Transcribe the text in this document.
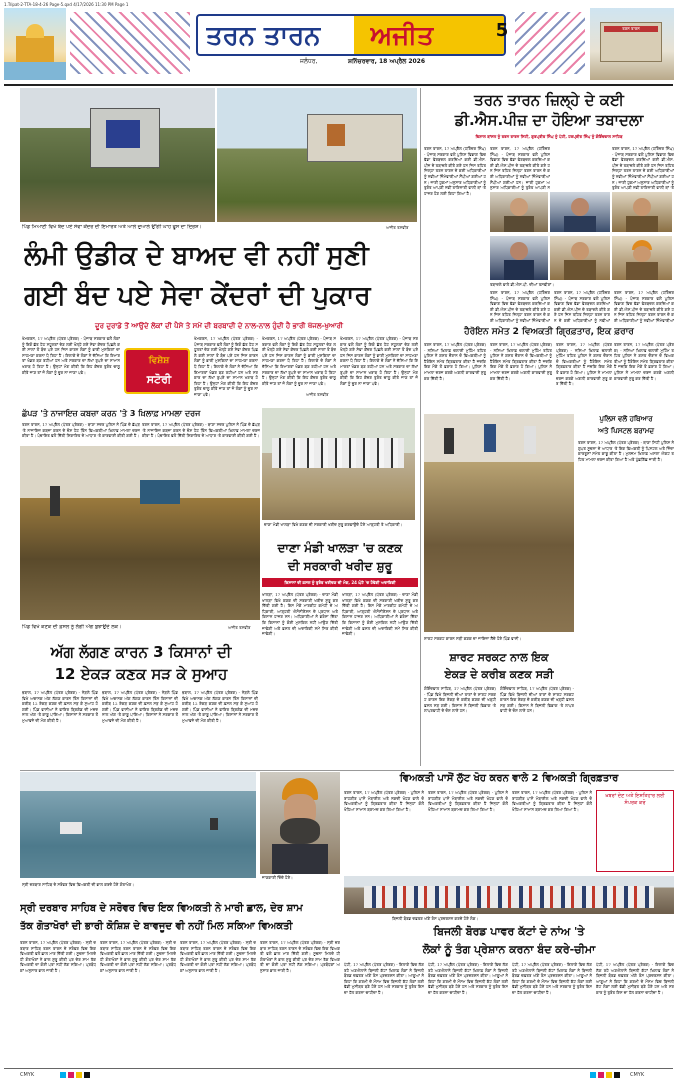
1.Tripat-2-TTA-18-4-26 Page-5.qxd 4/17/2026 11:30 PM Page 1
ਤਰਨ ਤਾਰਨ ਅਜੀਤ
ਜਲੰਧਰ,	ਸ਼ਨਿੱਚਰਵਾਰ, 18 ਅਪ੍ਰੈਲ 2026
5	ਤਰਨ ਤਾਰਨ
ਪਿੰਡ ਮਿਆਣੀ ਵਿਖੇ ਬੰਦ ਪਏ ਸੇਵਾ ਕੇਂਦਰ ਦੀ ਇਮਾਰਤ ਅਤੇ ਆਲੇ ਦੁਆਲੇ ਉੱਗੀ ਘਾਹ ਫੂਸ ਦਾ ਦ੍ਰਿਸ਼।	ਅਜੀਤ ਤਸਵੀਰ
ਲੰਮੀ ਉਡੀਕ ਦੇ ਬਾਅਦ ਵੀ ਨਹੀਂ ਸੁਣੀ
ਗਈ ਬੰਦ ਪਏ ਸੇਵਾ ਕੇਂਦਰਾਂ ਦੀ ਪੁਕਾਰ
ਦੂਰ ਦੁਰਾਡੇ ਤੋਂ ਆਉਂਦੇ ਲੋਕਾਂ ਦੀ ਪੈਸੇ ਤੇ ਸਮੇਂ ਦੀ ਬਰਬਾਦੀ ਦੇ ਨਾਲ-ਨਾਲ ਹੁੰਦੀ ਹੈ ਭਾਰੀ ਖੱਜਲ-ਖੁਆਰੀ
ਖੇਮਕਰਨ, 17 ਅਪ੍ਰੈਲ (ਪੱਤਰ ਪ੍ਰੇਰਕ) - ਪੰਜਾਬ ਸਰਕਾਰ ਵਲੋਂ ਲੋਕਾਂ ਨੂੰ ਇਕੋ ਛੱਤ ਹੇਠ ਸਹੂਲਤਾਂ ਦੇਣ ਲਈ ਖੋਲ੍ਹੇ ਗਏ ਸੇਵਾ ਕੇਂਦਰ ਪਿਛਲੇ ਕਈ ਸਾਲਾਂ ਤੋਂ ਬੰਦ ਪਏ ਹਨ ਜਿਸ ਕਾਰਨ ਲੋਕਾਂ ਨੂੰ ਭਾਰੀ ਮੁਸ਼ਕਿਲਾਂ ਦਾ ਸਾਹਮਣਾ ਕਰਨਾ ਪੈ ਰਿਹਾ ਹੈ। ਇਲਾਕੇ ਦੇ ਲੋਕਾਂ ਨੇ ਦੱਸਿਆ ਕਿ ਇਮਾਰਤਾਂ ਖੰਡਰ ਬਣ ਰਹੀਆਂ ਹਨ ਅਤੇ ਸਰਕਾਰ ਦਾ ਲੱਖਾਂ ਰੁਪਏ ਦਾ ਸਾਮਾਨ ਖਰਾਬ ਹੋ ਰਿਹਾ ਹੈ। ਉਨ੍ਹਾਂ ਮੰਗ ਕੀਤੀ ਕਿ ਇਹ ਕੇਂਦਰ ਤੁਰੰਤ ਚਾਲੂ ਕੀਤੇ ਜਾਣ ਤਾਂ ਜੋ ਲੋਕਾਂ ਨੂੰ ਦੂਰ ਨਾ ਜਾਣਾ ਪਵੇ।
ਵਿਸ਼ੇਸ਼
ਸਟੋਰੀ
ਖੇਮਕਰਨ, 17 ਅਪ੍ਰੈਲ (ਪੱਤਰ ਪ੍ਰੇਰਕ) - ਪੰਜਾਬ ਸਰਕਾਰ ਵਲੋਂ ਲੋਕਾਂ ਨੂੰ ਇਕੋ ਛੱਤ ਹੇਠ ਸਹੂਲਤਾਂ ਦੇਣ ਲਈ ਖੋਲ੍ਹੇ ਗਏ ਸੇਵਾ ਕੇਂਦਰ ਪਿਛਲੇ ਕਈ ਸਾਲਾਂ ਤੋਂ ਬੰਦ ਪਏ ਹਨ ਜਿਸ ਕਾਰਨ ਲੋਕਾਂ ਨੂੰ ਭਾਰੀ ਮੁਸ਼ਕਿਲਾਂ ਦਾ ਸਾਹਮਣਾ ਕਰਨਾ ਪੈ ਰਿਹਾ ਹੈ। ਇਲਾਕੇ ਦੇ ਲੋਕਾਂ ਨੇ ਦੱਸਿਆ ਕਿ ਇਮਾਰਤਾਂ ਖੰਡਰ ਬਣ ਰਹੀਆਂ ਹਨ ਅਤੇ ਸਰਕਾਰ ਦਾ ਲੱਖਾਂ ਰੁਪਏ ਦਾ ਸਾਮਾਨ ਖਰਾਬ ਹੋ ਰਿਹਾ ਹੈ। ਉਨ੍ਹਾਂ ਮੰਗ ਕੀਤੀ ਕਿ ਇਹ ਕੇਂਦਰ ਤੁਰੰਤ ਚਾਲੂ ਕੀਤੇ ਜਾਣ ਤਾਂ ਜੋ ਲੋਕਾਂ ਨੂੰ ਦੂਰ ਨਾ ਜਾਣਾ ਪਵੇ।
ਖੇਮਕਰਨ, 17 ਅਪ੍ਰੈਲ (ਪੱਤਰ ਪ੍ਰੇਰਕ) - ਪੰਜਾਬ ਸਰਕਾਰ ਵਲੋਂ ਲੋਕਾਂ ਨੂੰ ਇਕੋ ਛੱਤ ਹੇਠ ਸਹੂਲਤਾਂ ਦੇਣ ਲਈ ਖੋਲ੍ਹੇ ਗਏ ਸੇਵਾ ਕੇਂਦਰ ਪਿਛਲੇ ਕਈ ਸਾਲਾਂ ਤੋਂ ਬੰਦ ਪਏ ਹਨ ਜਿਸ ਕਾਰਨ ਲੋਕਾਂ ਨੂੰ ਭਾਰੀ ਮੁਸ਼ਕਿਲਾਂ ਦਾ ਸਾਹਮਣਾ ਕਰਨਾ ਪੈ ਰਿਹਾ ਹੈ। ਇਲਾਕੇ ਦੇ ਲੋਕਾਂ ਨੇ ਦੱਸਿਆ ਕਿ ਇਮਾਰਤਾਂ ਖੰਡਰ ਬਣ ਰਹੀਆਂ ਹਨ ਅਤੇ ਸਰਕਾਰ ਦਾ ਲੱਖਾਂ ਰੁਪਏ ਦਾ ਸਾਮਾਨ ਖਰਾਬ ਹੋ ਰਿਹਾ ਹੈ। ਉਨ੍ਹਾਂ ਮੰਗ ਕੀਤੀ ਕਿ ਇਹ ਕੇਂਦਰ ਤੁਰੰਤ ਚਾਲੂ ਕੀਤੇ ਜਾਣ ਤਾਂ ਜੋ ਲੋਕਾਂ ਨੂੰ ਦੂਰ ਨਾ ਜਾਣਾ ਪਵੇ।
ਖੇਮਕਰਨ, 17 ਅਪ੍ਰੈਲ (ਪੱਤਰ ਪ੍ਰੇਰਕ) - ਪੰਜਾਬ ਸਰਕਾਰ ਵਲੋਂ ਲੋਕਾਂ ਨੂੰ ਇਕੋ ਛੱਤ ਹੇਠ ਸਹੂਲਤਾਂ ਦੇਣ ਲਈ ਖੋਲ੍ਹੇ ਗਏ ਸੇਵਾ ਕੇਂਦਰ ਪਿਛਲੇ ਕਈ ਸਾਲਾਂ ਤੋਂ ਬੰਦ ਪਏ ਹਨ ਜਿਸ ਕਾਰਨ ਲੋਕਾਂ ਨੂੰ ਭਾਰੀ ਮੁਸ਼ਕਿਲਾਂ ਦਾ ਸਾਹਮਣਾ ਕਰਨਾ ਪੈ ਰਿਹਾ ਹੈ। ਇਲਾਕੇ ਦੇ ਲੋਕਾਂ ਨੇ ਦੱਸਿਆ ਕਿ ਇਮਾਰਤਾਂ ਖੰਡਰ ਬਣ ਰਹੀਆਂ ਹਨ ਅਤੇ ਸਰਕਾਰ ਦਾ ਲੱਖਾਂ ਰੁਪਏ ਦਾ ਸਾਮਾਨ ਖਰਾਬ ਹੋ ਰਿਹਾ ਹੈ। ਉਨ੍ਹਾਂ ਮੰਗ ਕੀਤੀ ਕਿ ਇਹ ਕੇਂਦਰ ਤੁਰੰਤ ਚਾਲੂ ਕੀਤੇ ਜਾਣ ਤਾਂ ਜੋ ਲੋਕਾਂ ਨੂੰ ਦੂਰ ਨਾ ਜਾਣਾ ਪਵੇ।
ਅਜੀਤ ਤਸਵੀਰ
ਛੱਪੜ 'ਤੇ ਨਾਜਾਇਜ਼ ਕਬਜ਼ਾ ਕਰਨ 'ਤੇ 3 ਖ਼ਿਲਾਫ਼ ਮਾਮਲਾ ਦਰਜ
ਤਰਨ ਤਾਰਨ, 17 ਅਪ੍ਰੈਲ (ਪੱਤਰ ਪ੍ਰੇਰਕ) - ਥਾਣਾ ਸਦਰ ਪੁਲਿਸ ਨੇ ਪਿੰਡ ਦੇ ਛੱਪੜ 'ਤੇ ਨਾਜਾਇਜ਼ ਕਬਜ਼ਾ ਕਰਨ ਦੇ ਦੋਸ਼ ਹੇਠ ਤਿੰਨ ਵਿਅਕਤੀਆਂ ਖ਼ਿਲਾਫ਼ ਮਾਮਲਾ ਦਰਜ ਕੀਤਾ ਹੈ। ਪੰਚਾਇਤ ਵਲੋਂ ਦਿੱਤੀ ਸ਼ਿਕਾਇਤ ਦੇ ਆਧਾਰ 'ਤੇ ਕਾਰਵਾਈ ਕੀਤੀ ਗਈ ਹੈ।
ਤਰਨ ਤਾਰਨ, 17 ਅਪ੍ਰੈਲ (ਪੱਤਰ ਪ੍ਰੇਰਕ) - ਥਾਣਾ ਸਦਰ ਪੁਲਿਸ ਨੇ ਪਿੰਡ ਦੇ ਛੱਪੜ 'ਤੇ ਨਾਜਾਇਜ਼ ਕਬਜ਼ਾ ਕਰਨ ਦੇ ਦੋਸ਼ ਹੇਠ ਤਿੰਨ ਵਿਅਕਤੀਆਂ ਖ਼ਿਲਾਫ਼ ਮਾਮਲਾ ਦਰਜ ਕੀਤਾ ਹੈ। ਪੰਚਾਇਤ ਵਲੋਂ ਦਿੱਤੀ ਸ਼ਿਕਾਇਤ ਦੇ ਆਧਾਰ 'ਤੇ ਕਾਰਵਾਈ ਕੀਤੀ ਗਈ ਹੈ।
ਦਾਣਾ ਮੰਡੀ ਖਾਲੜਾ ਵਿਖੇ ਕਣਕ ਦੀ ਸਰਕਾਰੀ ਖਰੀਦ ਸ਼ੁਰੂ ਕਰਵਾਉਂਦੇ ਹੋਏ ਆੜ੍ਹਤੀ ਤੇ ਅਧਿਕਾਰੀ।
ਪਿੰਡ ਵਿਖੇ ਕਣਕ ਦੀ ਫ਼ਸਲ ਨੂੰ ਲੱਗੀ ਅੱਗ ਬੁਝਾਉਂਦੇ ਲੋਕ।	ਅਜੀਤ ਤਸਵੀਰ
ਦਾਣਾ ਮੰਡੀ ਖਾਲੜਾ 'ਚ ਕਣਕ
ਦੀ ਸਰਕਾਰੀ ਖਰੀਦ ਸ਼ੁਰੂ
ਕਿਸਾਨਾਂ ਦੀ ਫ਼ਸਲ ਨੂੰ ਤੁਰੰਤ ਖਰੀਦਣ ਦੀ ਮੰਗ, 24 ਘੰਟੇ 'ਚ ਹੋਵੇਗੀ ਅਦਾਇਗੀ
ਖਾਲੜਾ, 17 ਅਪ੍ਰੈਲ (ਪੱਤਰ ਪ੍ਰੇਰਕ) - ਦਾਣਾ ਮੰਡੀ ਖਾਲੜਾ ਵਿਖੇ ਕਣਕ ਦੀ ਸਰਕਾਰੀ ਖਰੀਦ ਸ਼ੁਰੂ ਕਰ ਦਿੱਤੀ ਗਈ ਹੈ। ਇਸ ਮੌਕੇ ਮਾਰਕੀਟ ਕਮੇਟੀ ਦੇ ਅਧਿਕਾਰੀ, ਆੜ੍ਹਤੀ ਐਸੋਸੀਏਸ਼ਨ ਦੇ ਪ੍ਰਧਾਨ ਅਤੇ ਕਿਸਾਨ ਹਾਜ਼ਰ ਸਨ। ਅਧਿਕਾਰੀਆਂ ਨੇ ਭਰੋਸਾ ਦਿੱਤਾ ਕਿ ਕਿਸਾਨਾਂ ਨੂੰ ਕੋਈ ਮੁਸ਼ਕਿਲ ਨਹੀਂ ਆਉਣ ਦਿੱਤੀ ਜਾਵੇਗੀ ਅਤੇ ਫ਼ਸਲ ਦੀ ਅਦਾਇਗੀ ਸਮੇਂ ਸਿਰ ਕੀਤੀ ਜਾਵੇਗੀ।
ਖਾਲੜਾ, 17 ਅਪ੍ਰੈਲ (ਪੱਤਰ ਪ੍ਰੇਰਕ) - ਦਾਣਾ ਮੰਡੀ ਖਾਲੜਾ ਵਿਖੇ ਕਣਕ ਦੀ ਸਰਕਾਰੀ ਖਰੀਦ ਸ਼ੁਰੂ ਕਰ ਦਿੱਤੀ ਗਈ ਹੈ। ਇਸ ਮੌਕੇ ਮਾਰਕੀਟ ਕਮੇਟੀ ਦੇ ਅਧਿਕਾਰੀ, ਆੜ੍ਹਤੀ ਐਸੋਸੀਏਸ਼ਨ ਦੇ ਪ੍ਰਧਾਨ ਅਤੇ ਕਿਸਾਨ ਹਾਜ਼ਰ ਸਨ। ਅਧਿਕਾਰੀਆਂ ਨੇ ਭਰੋਸਾ ਦਿੱਤਾ ਕਿ ਕਿਸਾਨਾਂ ਨੂੰ ਕੋਈ ਮੁਸ਼ਕਿਲ ਨਹੀਂ ਆਉਣ ਦਿੱਤੀ ਜਾਵੇਗੀ ਅਤੇ ਫ਼ਸਲ ਦੀ ਅਦਾਇਗੀ ਸਮੇਂ ਸਿਰ ਕੀਤੀ ਜਾਵੇਗੀ।
ਅੱਗ ਲੱਗਣ ਕਾਰਨ 3 ਕਿਸਾਨਾਂ ਦੀ
12 ਏਕੜ ਕਣਕ ਸੜ ਕੇ ਸੁਆਹ
ਝਬਾਲ, 17 ਅਪ੍ਰੈਲ (ਪੱਤਰ ਪ੍ਰੇਰਕ) - ਨੇੜਲੇ ਪਿੰਡ ਵਿਖੇ ਅਚਾਨਕ ਅੱਗ ਲੱਗਣ ਕਾਰਨ ਤਿੰਨ ਕਿਸਾਨਾਂ ਦੀ ਕਰੀਬ 12 ਏਕੜ ਕਣਕ ਦੀ ਫ਼ਸਲ ਸੜ ਕੇ ਸੁਆਹ ਹੋ ਗਈ। ਪਿੰਡ ਵਾਸੀਆਂ ਨੇ ਫਾਇਰ ਬ੍ਰਿਗੇਡ ਦੀ ਮਦਦ ਨਾਲ ਅੱਗ 'ਤੇ ਕਾਬੂ ਪਾਇਆ। ਕਿਸਾਨਾਂ ਨੇ ਸਰਕਾਰ ਤੋਂ ਮੁਆਵਜ਼ੇ ਦੀ ਮੰਗ ਕੀਤੀ ਹੈ।
ਝਬਾਲ, 17 ਅਪ੍ਰੈਲ (ਪੱਤਰ ਪ੍ਰੇਰਕ) - ਨੇੜਲੇ ਪਿੰਡ ਵਿਖੇ ਅਚਾਨਕ ਅੱਗ ਲੱਗਣ ਕਾਰਨ ਤਿੰਨ ਕਿਸਾਨਾਂ ਦੀ ਕਰੀਬ 12 ਏਕੜ ਕਣਕ ਦੀ ਫ਼ਸਲ ਸੜ ਕੇ ਸੁਆਹ ਹੋ ਗਈ। ਪਿੰਡ ਵਾਸੀਆਂ ਨੇ ਫਾਇਰ ਬ੍ਰਿਗੇਡ ਦੀ ਮਦਦ ਨਾਲ ਅੱਗ 'ਤੇ ਕਾਬੂ ਪਾਇਆ। ਕਿਸਾਨਾਂ ਨੇ ਸਰਕਾਰ ਤੋਂ ਮੁਆਵਜ਼ੇ ਦੀ ਮੰਗ ਕੀਤੀ ਹੈ।
ਝਬਾਲ, 17 ਅਪ੍ਰੈਲ (ਪੱਤਰ ਪ੍ਰੇਰਕ) - ਨੇੜਲੇ ਪਿੰਡ ਵਿਖੇ ਅਚਾਨਕ ਅੱਗ ਲੱਗਣ ਕਾਰਨ ਤਿੰਨ ਕਿਸਾਨਾਂ ਦੀ ਕਰੀਬ 12 ਏਕੜ ਕਣਕ ਦੀ ਫ਼ਸਲ ਸੜ ਕੇ ਸੁਆਹ ਹੋ ਗਈ। ਪਿੰਡ ਵਾਸੀਆਂ ਨੇ ਫਾਇਰ ਬ੍ਰਿਗੇਡ ਦੀ ਮਦਦ ਨਾਲ ਅੱਗ 'ਤੇ ਕਾਬੂ ਪਾਇਆ। ਕਿਸਾਨਾਂ ਨੇ ਸਰਕਾਰ ਤੋਂ ਮੁਆਵਜ਼ੇ ਦੀ ਮੰਗ ਕੀਤੀ ਹੈ।
ਤਰਨ ਤਾਰਨ ਜ਼ਿਲ੍ਹੇ ਦੇ ਕਈ
ਡੀ.ਐਸ.ਪੀਜ਼ ਦਾ ਹੋਇਆ ਤਬਾਦਲਾ
ਵਿਸ਼ਾਲ ਬਾਂਸਲ ਨੂੰ ਤਰਨ ਤਾਰਨ ਸਿਟੀ, ਗੁਰਪ੍ਰੀਤ ਸਿੰਘ ਨੂੰ ਪੱਟੀ, ਹਰਪ੍ਰੀਤ ਸਿੰਘ ਨੂੰ ਗੋਇੰਦਵਾਲ ਸਾਹਿਬ
ਤਰਨ ਤਾਰਨ, 17 ਅਪ੍ਰੈਲ (ਹਰਿੰਦਰ ਸਿੰਘ) - ਪੰਜਾਬ ਸਰਕਾਰ ਵਲੋਂ ਪੁਲਿਸ ਵਿਭਾਗ ਵਿਚ ਵੱਡਾ ਫੇਰਬਦਲ ਕਰਦਿਆਂ ਕਈ ਡੀ.ਐਸ.ਪੀਜ਼ ਦੇ ਤਬਾਦਲੇ ਕੀਤੇ ਗਏ ਹਨ ਜਿਸ ਤਹਿਤ ਜ਼ਿਲ੍ਹਾ ਤਰਨ ਤਾਰਨ ਦੇ ਕਈ ਅਧਿਕਾਰੀਆਂ ਨੂੰ ਨਵੀਆਂ ਜ਼ਿੰਮੇਵਾਰੀਆਂ ਸੌਂਪੀਆਂ ਗਈਆਂ ਹਨ। ਜਾਰੀ ਹੁਕਮਾਂ ਅਨੁਸਾਰ ਅਧਿਕਾਰੀਆਂ ਨੂੰ ਤੁਰੰਤ ਆਪਣੀ ਨਵੀਂ ਤਾਇਨਾਤੀ ਵਾਲੀ ਥਾਂ 'ਤੇ ਹਾਜ਼ਰ ਹੋਣ ਲਈ ਕਿਹਾ ਗਿਆ ਹੈ।
ਤਰਨ ਤਾਰਨ, 17 ਅਪ੍ਰੈਲ (ਹਰਿੰਦਰ ਸਿੰਘ) - ਪੰਜਾਬ ਸਰਕਾਰ ਵਲੋਂ ਪੁਲਿਸ ਵਿਭਾਗ ਵਿਚ ਵੱਡਾ ਫੇਰਬਦਲ ਕਰਦਿਆਂ ਕਈ ਡੀ.ਐਸ.ਪੀਜ਼ ਦੇ ਤਬਾਦਲੇ ਕੀਤੇ ਗਏ ਹਨ ਜਿਸ ਤਹਿਤ ਜ਼ਿਲ੍ਹਾ ਤਰਨ ਤਾਰਨ ਦੇ ਕਈ ਅਧਿਕਾਰੀਆਂ ਨੂੰ ਨਵੀਆਂ ਜ਼ਿੰਮੇਵਾਰੀਆਂ ਸੌਂਪੀਆਂ ਗਈਆਂ ਹਨ। ਜਾਰੀ ਹੁਕਮਾਂ ਅਨੁਸਾਰ ਅਧਿਕਾਰੀਆਂ ਨੂੰ ਤੁਰੰਤ ਆਪਣੀ ਨ
ਤਰਨ ਤਾਰਨ, 17 ਅਪ੍ਰੈਲ (ਹਰਿੰਦਰ ਸਿੰਘ) - ਪੰਜਾਬ ਸਰਕਾਰ ਵਲੋਂ ਪੁਲਿਸ ਵਿਭਾਗ ਵਿਚ ਵੱਡਾ ਫੇਰਬਦਲ ਕਰਦਿਆਂ ਕਈ ਡੀ.ਐਸ.ਪੀਜ਼ ਦੇ ਤਬਾਦਲੇ ਕੀਤੇ ਗਏ ਹਨ ਜਿਸ ਤਹਿਤ ਜ਼ਿਲ੍ਹਾ ਤਰਨ ਤਾਰਨ ਦੇ ਕਈ ਅਧਿਕਾਰੀਆਂ ਨੂੰ ਨਵੀਆਂ ਜ਼ਿੰਮੇਵਾਰੀਆਂ ਸੌਂਪੀਆਂ ਗਈਆਂ ਹਨ। ਜਾਰੀ ਹੁਕਮਾਂ ਅਨੁਸਾਰ ਅਧਿਕਾਰੀਆਂ ਨੂੰ ਤੁਰੰਤ ਆਪਣੀ ਨਵੀਂ ਤਾਇਨਾਤੀ ਵਾਲੀ ਥਾਂ 'ਤੇ
ਤਬਾਦਲੇ ਵਾਲੇ ਡੀ.ਐਸ.ਪੀ. ਦੀਆਂ ਤਸਵੀਰਾਂ।
ਤਰਨ ਤਾਰਨ, 17 ਅਪ੍ਰੈਲ (ਹਰਿੰਦਰ ਸਿੰਘ) - ਪੰਜਾਬ ਸਰਕਾਰ ਵਲੋਂ ਪੁਲਿਸ ਵਿਭਾਗ ਵਿਚ ਵੱਡਾ ਫੇਰਬਦਲ ਕਰਦਿਆਂ ਕਈ ਡੀ.ਐਸ.ਪੀਜ਼ ਦੇ ਤਬਾਦਲੇ ਕੀਤੇ ਗਏ ਹਨ ਜਿਸ ਤਹਿਤ ਜ਼ਿਲ੍ਹਾ ਤਰਨ ਤਾਰਨ ਦੇ ਕਈ ਅਧਿਕਾਰੀਆਂ ਨੂੰ ਨਵੀਆਂ ਜ਼ਿੰਮੇਵਾਰੀਆਂ
ਤਰਨ ਤਾਰਨ, 17 ਅਪ੍ਰੈਲ (ਹਰਿੰਦਰ ਸਿੰਘ) - ਪੰਜਾਬ ਸਰਕਾਰ ਵਲੋਂ ਪੁਲਿਸ ਵਿਭਾਗ ਵਿਚ ਵੱਡਾ ਫੇਰਬਦਲ ਕਰਦਿਆਂ ਕਈ ਡੀ.ਐਸ.ਪੀਜ਼ ਦੇ ਤਬਾਦਲੇ ਕੀਤੇ ਗਏ ਹਨ ਜਿਸ ਤਹਿਤ ਜ਼ਿਲ੍ਹਾ ਤਰਨ ਤਾਰਨ ਦੇ ਕਈ ਅਧਿਕਾਰੀਆਂ ਨੂੰ ਨਵੀਆਂ
ਤਰਨ ਤਾਰਨ, 17 ਅਪ੍ਰੈਲ (ਹਰਿੰਦਰ ਸਿੰਘ) - ਪੰਜਾਬ ਸਰਕਾਰ ਵਲੋਂ ਪੁਲਿਸ ਵਿਭਾਗ ਵਿਚ ਵੱਡਾ ਫੇਰਬਦਲ ਕਰਦਿਆਂ ਕਈ ਡੀ.ਐਸ.ਪੀਜ਼ ਦੇ ਤਬਾਦਲੇ ਕੀਤੇ ਗਏ ਹਨ ਜਿਸ ਤਹਿਤ ਜ਼ਿਲ੍ਹਾ ਤਰਨ ਤਾਰਨ ਦੇ ਕਈ ਅਧਿਕਾਰੀਆਂ ਨੂੰ ਨਵੀਆਂ ਜ਼ਿੰਮੇਵਾਰੀਆਂ
ਹੈਰੋਇਨ ਸਮੇਤ 2 ਵਿਅਕਤੀ ਗ੍ਰਿਫ਼ਤਾਰ, ਇਕ ਫ਼ਰਾਰ
ਤਰਨ ਤਾਰਨ, 17 ਅਪ੍ਰੈਲ (ਪੱਤਰ ਪ੍ਰੇਰਕ) - ਨਸ਼ਿਆਂ ਖ਼ਿਲਾਫ਼ ਚਲਾਈ ਮੁਹਿੰਮ ਤਹਿਤ ਪੁਲਿਸ ਨੇ ਗਸ਼ਤ ਦੌਰਾਨ ਦੋ ਵਿਅਕਤੀਆਂ ਨੂੰ ਹੈਰੋਇਨ ਸਮੇਤ ਗ੍ਰਿਫ਼ਤਾਰ ਕੀਤਾ ਹੈ ਜਦਕਿ ਇਕ ਮੌਕੇ ਤੋਂ ਫ਼ਰਾਰ ਹੋ ਗਿਆ। ਪੁਲਿਸ ਨੇ ਮਾਮਲਾ ਦਰਜ ਕਰਕੇ ਅਗਲੀ ਕਾਰਵਾਈ ਸ਼ੁਰੂ ਕਰ ਦਿੱਤੀ ਹੈ।
ਤਰਨ ਤਾਰਨ, 17 ਅਪ੍ਰੈਲ (ਪੱਤਰ ਪ੍ਰੇਰਕ) - ਨਸ਼ਿਆਂ ਖ਼ਿਲਾਫ਼ ਚਲਾਈ ਮੁਹਿੰਮ ਤਹਿਤ ਪੁਲਿਸ ਨੇ ਗਸ਼ਤ ਦੌਰਾਨ ਦੋ ਵਿਅਕਤੀਆਂ ਨੂੰ ਹੈਰੋਇਨ ਸਮੇਤ ਗ੍ਰਿਫ਼ਤਾਰ ਕੀਤਾ ਹੈ ਜਦਕਿ ਇਕ ਮੌਕੇ ਤੋਂ ਫ਼ਰਾਰ ਹੋ ਗਿਆ। ਪੁਲਿਸ ਨੇ ਮਾਮਲਾ ਦਰਜ ਕਰਕੇ ਅਗਲੀ ਕਾਰਵਾਈ ਸ਼ੁਰੂ ਕਰ ਦਿੱਤੀ ਹੈ।
ਤਰਨ ਤਾਰਨ, 17 ਅਪ੍ਰੈਲ (ਪੱਤਰ ਪ੍ਰੇਰਕ) - ਨਸ਼ਿਆਂ ਖ਼ਿਲਾਫ਼ ਚਲਾਈ ਮੁਹਿੰਮ ਤਹਿਤ ਪੁਲਿਸ ਨੇ ਗਸ਼ਤ ਦੌਰਾਨ ਦੋ ਵਿਅਕਤੀਆਂ ਨੂੰ ਹੈਰੋਇਨ ਸਮੇਤ ਗ੍ਰਿਫ਼ਤਾਰ ਕੀਤਾ ਹੈ ਜਦਕਿ ਇਕ ਮੌਕੇ ਤੋਂ ਫ਼ਰਾਰ ਹੋ ਗਿਆ। ਪੁਲਿਸ ਨੇ ਮਾਮਲਾ ਦਰਜ ਕਰਕੇ ਅਗਲੀ ਕਾਰਵਾਈ ਸ਼ੁਰੂ ਕਰ ਦਿੱਤੀ ਹੈ।
ਤਰਨ ਤਾਰਨ, 17 ਅਪ੍ਰੈਲ (ਪੱਤਰ ਪ੍ਰੇਰਕ) - ਨਸ਼ਿਆਂ ਖ਼ਿਲਾਫ਼ ਚਲਾਈ ਮੁਹਿੰਮ ਤਹਿਤ ਪੁਲਿਸ ਨੇ ਗਸ਼ਤ ਦੌਰਾਨ ਦੋ ਵਿਅਕਤੀਆਂ ਨੂੰ ਹੈਰੋਇਨ ਸਮੇਤ ਗ੍ਰਿਫ਼ਤਾਰ ਕੀਤਾ ਹੈ ਜਦਕਿ ਇਕ ਮੌਕੇ ਤੋਂ ਫ਼ਰਾਰ ਹੋ ਗਿਆ। ਪੁਲਿਸ ਨੇ ਮਾਮਲਾ ਦਰਜ ਕਰਕੇ ਅਗਲੀ ਕਾਰਵਾਈ ਸ਼ੁਰੂ ਕਰ ਦਿੱਤੀ ਹੈ।
ਸ਼ਾਰਟ ਸਰਕਟ ਕਾਰਨ ਸੜੀ ਕਣਕ ਦਾ ਜਾਇਜ਼ਾ ਲੈਂਦੇ ਹੋਏ ਪਿੰਡ ਵਾਸੀ।
ਸ਼ਾਰਟ ਸਰਕਟ ਨਾਲ ਇਕ
ਏਕੜ ਦੇ ਕਰੀਬ ਕਣਕ ਸੜੀ
ਗੋਇੰਦਵਾਲ ਸਾਹਿਬ, 17 ਅਪ੍ਰੈਲ (ਪੱਤਰ ਪ੍ਰੇਰਕ) - ਪਿੰਡ ਵਿਖੇ ਬਿਜਲੀ ਦੀਆਂ ਤਾਰਾਂ ਦੇ ਸ਼ਾਰਟ ਸਰਕਟ ਕਾਰਨ ਇਕ ਏਕੜ ਦੇ ਕਰੀਬ ਕਣਕ ਦੀ ਖੜ੍ਹੀ ਫ਼ਸਲ ਸੜ ਗਈ। ਕਿਸਾਨ ਨੇ ਬਿਜਲੀ ਵਿਭਾਗ 'ਤੇ ਲਾਪਰਵਾਹੀ ਦੇ ਦੋਸ਼ ਲਾਏ ਹਨ।
ਗੋਇੰਦਵਾਲ ਸਾਹਿਬ, 17 ਅਪ੍ਰੈਲ (ਪੱਤਰ ਪ੍ਰੇਰਕ) - ਪਿੰਡ ਵਿਖੇ ਬਿਜਲੀ ਦੀਆਂ ਤਾਰਾਂ ਦੇ ਸ਼ਾਰਟ ਸਰਕਟ ਕਾਰਨ ਇਕ ਏਕੜ ਦੇ ਕਰੀਬ ਕਣਕ ਦੀ ਖੜ੍ਹੀ ਫ਼ਸਲ ਸੜ ਗਈ। ਕਿਸਾਨ ਨੇ ਬਿਜਲੀ ਵਿਭਾਗ 'ਤੇ ਲਾਪਰਵਾਹੀ ਦੇ ਦੋਸ਼ ਲਾਏ ਹਨ।
ਪੁਲਿਸ ਵਲੋਂ ਹਥਿਆਰ
ਅਤੇ ਪਿਸਟਲ ਬਰਾਮਦ
ਤਰਨ ਤਾਰਨ, 17 ਅਪ੍ਰੈਲ (ਪੱਤਰ ਪ੍ਰੇਰਕ) - ਥਾਣਾ ਸਿਟੀ ਪੁਲਿਸ ਨੇ ਗੁਪਤ ਸੂਚਨਾ ਦੇ ਆਧਾਰ 'ਤੇ ਇਕ ਵਿਅਕਤੀ ਨੂੰ ਪਿਸਟਲ ਅਤੇ ਜ਼ਿੰਦਾ ਕਾਰਤੂਸਾਂ ਸਮੇਤ ਕਾਬੂ ਕੀਤਾ ਹੈ। ਮੁਲਜ਼ਮ ਖ਼ਿਲਾਫ਼ ਅਸਲਾ ਐਕਟ ਤਹਿਤ ਮਾਮਲਾ ਦਰਜ ਕੀਤਾ ਗਿਆ ਹੈ ਅਤੇ ਪੁੱਛਗਿੱਛ ਜਾਰੀ ਹੈ।
ਸ੍ਰੀ ਦਰਬਾਰ ਸਾਹਿਬ ਦੇ ਸਰੋਵਰ ਵਿਚ ਵਿਅਕਤੀ ਦੀ ਭਾਲ ਕਰਦੇ ਹੋਏ ਗੋਤਾਖੋਰ।
ਜਾਣਕਾਰੀ ਦਿੰਦੇ ਹੋਏ।
ਵਿਅਕਤੀ ਪਾਸੋਂ ਲੁੱਟ ਖੋਹ ਕਰਨ ਵਾਲੇ 2 ਵਿਅਕਤੀ ਗ੍ਰਿਫ਼ਤਾਰ
ਤਰਨ ਤਾਰਨ, 17 ਅਪ੍ਰੈਲ (ਪੱਤਰ ਪ੍ਰੇਰਕ) - ਪੁਲਿਸ ਨੇ ਰਾਹਗੀਰ ਪਾਸੋਂ ਮੋਬਾਈਲ ਅਤੇ ਨਕਦੀ ਖੋਹਣ ਵਾਲੇ ਦੋ ਵਿਅਕਤੀਆਂ ਨੂੰ ਗ੍ਰਿਫ਼ਤਾਰ ਕੀਤਾ ਹੈ ਜਿਨ੍ਹਾਂ ਕੋਲੋਂ ਖੋਹਿਆ ਸਾਮਾਨ ਬਰਾਮਦ ਕਰ ਲਿਆ ਗਿਆ ਹੈ।
ਤਰਨ ਤਾਰਨ, 17 ਅਪ੍ਰੈਲ (ਪੱਤਰ ਪ੍ਰੇਰਕ) - ਪੁਲਿਸ ਨੇ ਰਾਹਗੀਰ ਪਾਸੋਂ ਮੋਬਾਈਲ ਅਤੇ ਨਕਦੀ ਖੋਹਣ ਵਾਲੇ ਦੋ ਵਿਅਕਤੀਆਂ ਨੂੰ ਗ੍ਰਿਫ਼ਤਾਰ ਕੀਤਾ ਹੈ ਜਿਨ੍ਹਾਂ ਕੋਲੋਂ ਖੋਹਿਆ ਸਾਮਾਨ ਬਰਾਮਦ ਕਰ ਲਿਆ ਗਿਆ ਹੈ।
ਤਰਨ ਤਾਰਨ, 17 ਅਪ੍ਰੈਲ (ਪੱਤਰ ਪ੍ਰੇਰਕ) - ਪੁਲਿਸ ਨੇ ਰਾਹਗੀਰ ਪਾਸੋਂ ਮੋਬਾਈਲ ਅਤੇ ਨਕਦੀ ਖੋਹਣ ਵਾਲੇ ਦੋ ਵਿਅਕਤੀਆਂ ਨੂੰ ਗ੍ਰਿਫ਼ਤਾਰ ਕੀਤਾ ਹੈ ਜਿਨ੍ਹਾਂ ਕੋਲੋਂ ਖੋਹਿਆ ਸਾਮਾਨ ਬਰਾਮਦ ਕਰ ਲਿਆ ਗਿਆ ਹੈ।
ਖ਼ਬਰਾਂ ਦੇਣ ਅਤੇ ਇਸ਼ਤਿਹਾਰ ਲਈ ਸੰਪਰਕ ਕਰੋ
ਬਿਜਲੀ ਬੋਰਡ ਦਫ਼ਤਰ ਅੱਗੇ ਰੋਸ ਪ੍ਰਦਰਸ਼ਨ ਕਰਦੇ ਹੋਏ ਲੋਕ।
ਸ੍ਰੀ ਦਰਬਾਰ ਸਾਹਿਬ ਦੇ ਸਰੋਵਰ ਵਿਚ ਇਕ ਵਿਅਕਤੀ ਨੇ ਮਾਰੀ ਛਾਲ, ਦੇਰ ਸ਼ਾਮ
ਤੱਕ ਗੋਤਾਖੋਰਾਂ ਦੀ ਭਾਰੀ ਕੋਸ਼ਿਸ਼ ਦੇ ਬਾਵਜੂਦ ਵੀ ਨਹੀਂ ਮਿਲ ਸਕਿਆ ਵਿਅਕਤੀ	ਬਿਜਲੀ ਬੋਰਡ ਪਾਵਰ ਕੱਟਾਂ ਦੇ ਨਾਂਅ 'ਤੇ
ਲੋਕਾਂ ਨੂੰ ਤੰਗ ਪ੍ਰੇਸ਼ਾਨ ਕਰਨਾ ਬੰਦ ਕਰੇ-ਚੀਮਾ
ਤਰਨ ਤਾਰਨ, 17 ਅਪ੍ਰੈਲ (ਪੱਤਰ ਪ੍ਰੇਰਕ) - ਸ੍ਰੀ ਦਰਬਾਰ ਸਾਹਿਬ ਤਰਨ ਤਾਰਨ ਦੇ ਸਰੋਵਰ ਵਿਚ ਇਕ ਵਿਅਕਤੀ ਵਲੋਂ ਛਾਲ ਮਾਰ ਦਿੱਤੀ ਗਈ। ਸੂਚਨਾ ਮਿਲਦੇ ਹੀ ਗੋਤਾਖੋਰਾਂ ਨੇ ਭਾਲ ਸ਼ੁਰੂ ਕੀਤੀ ਪਰ ਦੇਰ ਸ਼ਾਮ ਤੱਕ ਵਿਅਕਤੀ ਦਾ ਕੋਈ ਪਤਾ ਨਹੀਂ ਲੱਗ ਸਕਿਆ। ਪ੍ਰਬੰਧਕਾਂ ਅਨੁਸਾਰ ਭਾਲ ਜਾਰੀ ਹੈ।
ਤਰਨ ਤਾਰਨ, 17 ਅਪ੍ਰੈਲ (ਪੱਤਰ ਪ੍ਰੇਰਕ) - ਸ੍ਰੀ ਦਰਬਾਰ ਸਾਹਿਬ ਤਰਨ ਤਾਰਨ ਦੇ ਸਰੋਵਰ ਵਿਚ ਇਕ ਵਿਅਕਤੀ ਵਲੋਂ ਛਾਲ ਮਾਰ ਦਿੱਤੀ ਗਈ। ਸੂਚਨਾ ਮਿਲਦੇ ਹੀ ਗੋਤਾਖੋਰਾਂ ਨੇ ਭਾਲ ਸ਼ੁਰੂ ਕੀਤੀ ਪਰ ਦੇਰ ਸ਼ਾਮ ਤੱਕ ਵਿਅਕਤੀ ਦਾ ਕੋਈ ਪਤਾ ਨਹੀਂ ਲੱਗ ਸਕਿਆ। ਪ੍ਰਬੰਧਕਾਂ ਅਨੁਸਾਰ ਭਾਲ ਜਾਰੀ ਹੈ।
ਤਰਨ ਤਾਰਨ, 17 ਅਪ੍ਰੈਲ (ਪੱਤਰ ਪ੍ਰੇਰਕ) - ਸ੍ਰੀ ਦਰਬਾਰ ਸਾਹਿਬ ਤਰਨ ਤਾਰਨ ਦੇ ਸਰੋਵਰ ਵਿਚ ਇਕ ਵਿਅਕਤੀ ਵਲੋਂ ਛਾਲ ਮਾਰ ਦਿੱਤੀ ਗਈ। ਸੂਚਨਾ ਮਿਲਦੇ ਹੀ ਗੋਤਾਖੋਰਾਂ ਨੇ ਭਾਲ ਸ਼ੁਰੂ ਕੀਤੀ ਪਰ ਦੇਰ ਸ਼ਾਮ ਤੱਕ ਵਿਅਕਤੀ ਦਾ ਕੋਈ ਪਤਾ ਨਹੀਂ ਲੱਗ ਸਕਿਆ। ਪ੍ਰਬੰਧਕਾਂ ਅਨੁਸਾਰ ਭਾਲ ਜਾਰੀ ਹੈ।
ਤਰਨ ਤਾਰਨ, 17 ਅਪ੍ਰੈਲ (ਪੱਤਰ ਪ੍ਰੇਰਕ) - ਸ੍ਰੀ ਦਰਬਾਰ ਸਾਹਿਬ ਤਰਨ ਤਾਰਨ ਦੇ ਸਰੋਵਰ ਵਿਚ ਇਕ ਵਿਅਕਤੀ ਵਲੋਂ ਛਾਲ ਮਾਰ ਦਿੱਤੀ ਗਈ। ਸੂਚਨਾ ਮਿਲਦੇ ਹੀ ਗੋਤਾਖੋਰਾਂ ਨੇ ਭਾਲ ਸ਼ੁਰੂ ਕੀਤੀ ਪਰ ਦੇਰ ਸ਼ਾਮ ਤੱਕ ਵਿਅਕਤੀ ਦਾ ਕੋਈ ਪਤਾ ਨਹੀਂ ਲੱਗ ਸਕਿਆ। ਪ੍ਰਬੰਧਕਾਂ ਅਨੁਸਾਰ ਭਾਲ ਜਾਰੀ ਹੈ।
ਪੱਟੀ, 17 ਅਪ੍ਰੈਲ (ਪੱਤਰ ਪ੍ਰੇਰਕ) - ਇਲਾਕੇ ਵਿਚ ਲੱਗ ਰਹੇ ਅਣਐਲਾਨੇ ਬਿਜਲੀ ਕੱਟਾਂ ਖ਼ਿਲਾਫ਼ ਲੋਕਾਂ ਨੇ ਬਿਜਲੀ ਬੋਰਡ ਦਫ਼ਤਰ ਅੱਗੇ ਰੋਸ ਪ੍ਰਦਰਸ਼ਨ ਕੀਤਾ। ਆਗੂਆਂ ਨੇ ਕਿਹਾ ਕਿ ਗਰਮੀ ਦੇ ਮੌਸਮ ਵਿਚ ਬਿਜਲੀ ਕੱਟ ਲੋਕਾਂ ਲਈ ਵੱਡੀ ਮੁਸੀਬਤ ਬਣੇ ਹੋਏ ਹਨ ਅਤੇ ਸਰਕਾਰ ਨੂੰ ਤੁਰੰਤ ਇਸ ਦਾ ਹੱਲ ਕਰਨਾ ਚਾਹੀਦਾ ਹੈ।
ਪੱਟੀ, 17 ਅਪ੍ਰੈਲ (ਪੱਤਰ ਪ੍ਰੇਰਕ) - ਇਲਾਕੇ ਵਿਚ ਲੱਗ ਰਹੇ ਅਣਐਲਾਨੇ ਬਿਜਲੀ ਕੱਟਾਂ ਖ਼ਿਲਾਫ਼ ਲੋਕਾਂ ਨੇ ਬਿਜਲੀ ਬੋਰਡ ਦਫ਼ਤਰ ਅੱਗੇ ਰੋਸ ਪ੍ਰਦਰਸ਼ਨ ਕੀਤਾ। ਆਗੂਆਂ ਨੇ ਕਿਹਾ ਕਿ ਗਰਮੀ ਦੇ ਮੌਸਮ ਵਿਚ ਬਿਜਲੀ ਕੱਟ ਲੋਕਾਂ ਲਈ ਵੱਡੀ ਮੁਸੀਬਤ ਬਣੇ ਹੋਏ ਹਨ ਅਤੇ ਸਰਕਾਰ ਨੂੰ ਤੁਰੰਤ ਇਸ ਦਾ ਹੱਲ ਕਰਨਾ ਚਾਹੀਦਾ ਹੈ।
ਪੱਟੀ, 17 ਅਪ੍ਰੈਲ (ਪੱਤਰ ਪ੍ਰੇਰਕ) - ਇਲਾਕੇ ਵਿਚ ਲੱਗ ਰਹੇ ਅਣਐਲਾਨੇ ਬਿਜਲੀ ਕੱਟਾਂ ਖ਼ਿਲਾਫ਼ ਲੋਕਾਂ ਨੇ ਬਿਜਲੀ ਬੋਰਡ ਦਫ਼ਤਰ ਅੱਗੇ ਰੋਸ ਪ੍ਰਦਰਸ਼ਨ ਕੀਤਾ। ਆਗੂਆਂ ਨੇ ਕਿਹਾ ਕਿ ਗਰਮੀ ਦੇ ਮੌਸਮ ਵਿਚ ਬਿਜਲੀ ਕੱਟ ਲੋਕਾਂ ਲਈ ਵੱਡੀ ਮੁਸੀਬਤ ਬਣੇ ਹੋਏ ਹਨ ਅਤੇ ਸਰਕਾਰ ਨੂੰ ਤੁਰੰਤ ਇਸ ਦਾ ਹੱਲ ਕਰਨਾ ਚਾਹੀਦਾ ਹੈ।
ਪੱਟੀ, 17 ਅਪ੍ਰੈਲ (ਪੱਤਰ ਪ੍ਰੇਰਕ) - ਇਲਾਕੇ ਵਿਚ ਲੱਗ ਰਹੇ ਅਣਐਲਾਨੇ ਬਿਜਲੀ ਕੱਟਾਂ ਖ਼ਿਲਾਫ਼ ਲੋਕਾਂ ਨੇ ਬਿਜਲੀ ਬੋਰਡ ਦਫ਼ਤਰ ਅੱਗੇ ਰੋਸ ਪ੍ਰਦਰਸ਼ਨ ਕੀਤਾ। ਆਗੂਆਂ ਨੇ ਕਿਹਾ ਕਿ ਗਰਮੀ ਦੇ ਮੌਸਮ ਵਿਚ ਬਿਜਲੀ ਕੱਟ ਲੋਕਾਂ ਲਈ ਵੱਡੀ ਮੁਸੀਬਤ ਬਣੇ ਹੋਏ ਹਨ ਅਤੇ ਸਰਕਾਰ ਨੂੰ ਤੁਰੰਤ ਇਸ ਦਾ ਹੱਲ ਕਰਨਾ ਚਾਹੀਦਾ ਹੈ।
CMYK	CMYK
